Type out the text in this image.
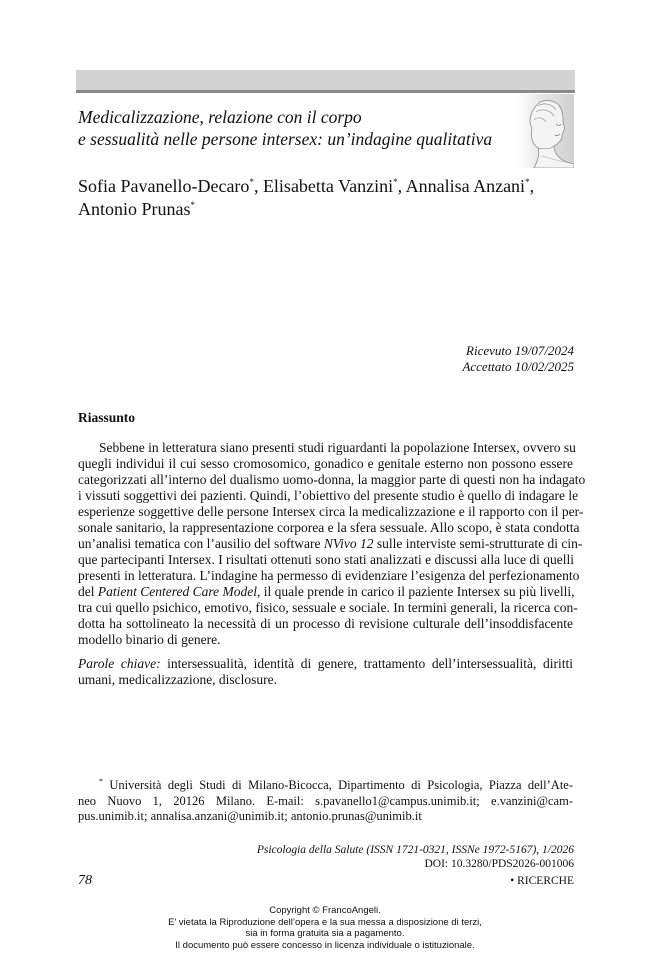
Medicalizzazione, relazione con il corpo
e sessualità nelle persone intersex: un’indagine qualitativa
Sofia Pavanello-Decaro*, Elisabetta Vanzini*, Annalisa Anzani*,
Antonio Prunas*
Ricevuto 19/07/2024
Accettato 10/02/2025
Riassunto
Sebbene in letteratura siano presenti studi riguardanti la popolazione Intersex, ovvero su
quegli individui il cui sesso cromosomico, gonadico e genitale esterno non possono essere
categorizzati all’interno del dualismo uomo-donna, la maggior parte di questi non ha indagato
i vissuti soggettivi dei pazienti. Quindi, l’obiettivo del presente studio è quello di indagare le
esperienze soggettive delle persone Intersex circa la medicalizzazione e il rapporto con il per-
sonale sanitario, la rappresentazione corporea e la sfera sessuale. Allo scopo, è stata condotta
un’analisi tematica con l’ausilio del software NVivo 12 sulle interviste semi-strutturate di cin-
que partecipanti Intersex. I risultati ottenuti sono stati analizzati e discussi alla luce di quelli
presenti in letteratura. L’indagine ha permesso di evidenziare l’esigenza del perfezionamento
del Patient Centered Care Model, il quale prende in carico il paziente Intersex su più livelli,
tra cui quello psichico, emotivo, fisico, sessuale e sociale. In termini generali, la ricerca con-
dotta ha sottolineato la necessità di un processo di revisione culturale dell’insoddisfacente
modello binario di genere.
Parole chiave: intersessualità, identità di genere, trattamento dell’intersessualità, diritti
umani, medicalizzazione, disclosure.
* Università degli Studi di Milano-Bicocca, Dipartimento di Psicologia, Piazza dell’Ate-
neo Nuovo 1, 20126 Milano. E-mail: s.pavanello1@campus.unimib.it; e.vanzini@cam-
pus.unimib.it; annalisa.anzani@unimib.it; antonio.prunas@unimib.it
Psicologia della Salute (ISSN 1721-0321, ISSNe 1972-5167), 1/2026
DOI: 10.3280/PDS2026-001006
78	• RICERCHE
Copyright © FrancoAngeli.
E’ vietata la Riproduzione dell’opera e la sua messa a disposizione di terzi,
sia in forma gratuita sia a pagamento.
Il documento può essere concesso in licenza individuale o istituzionale.
